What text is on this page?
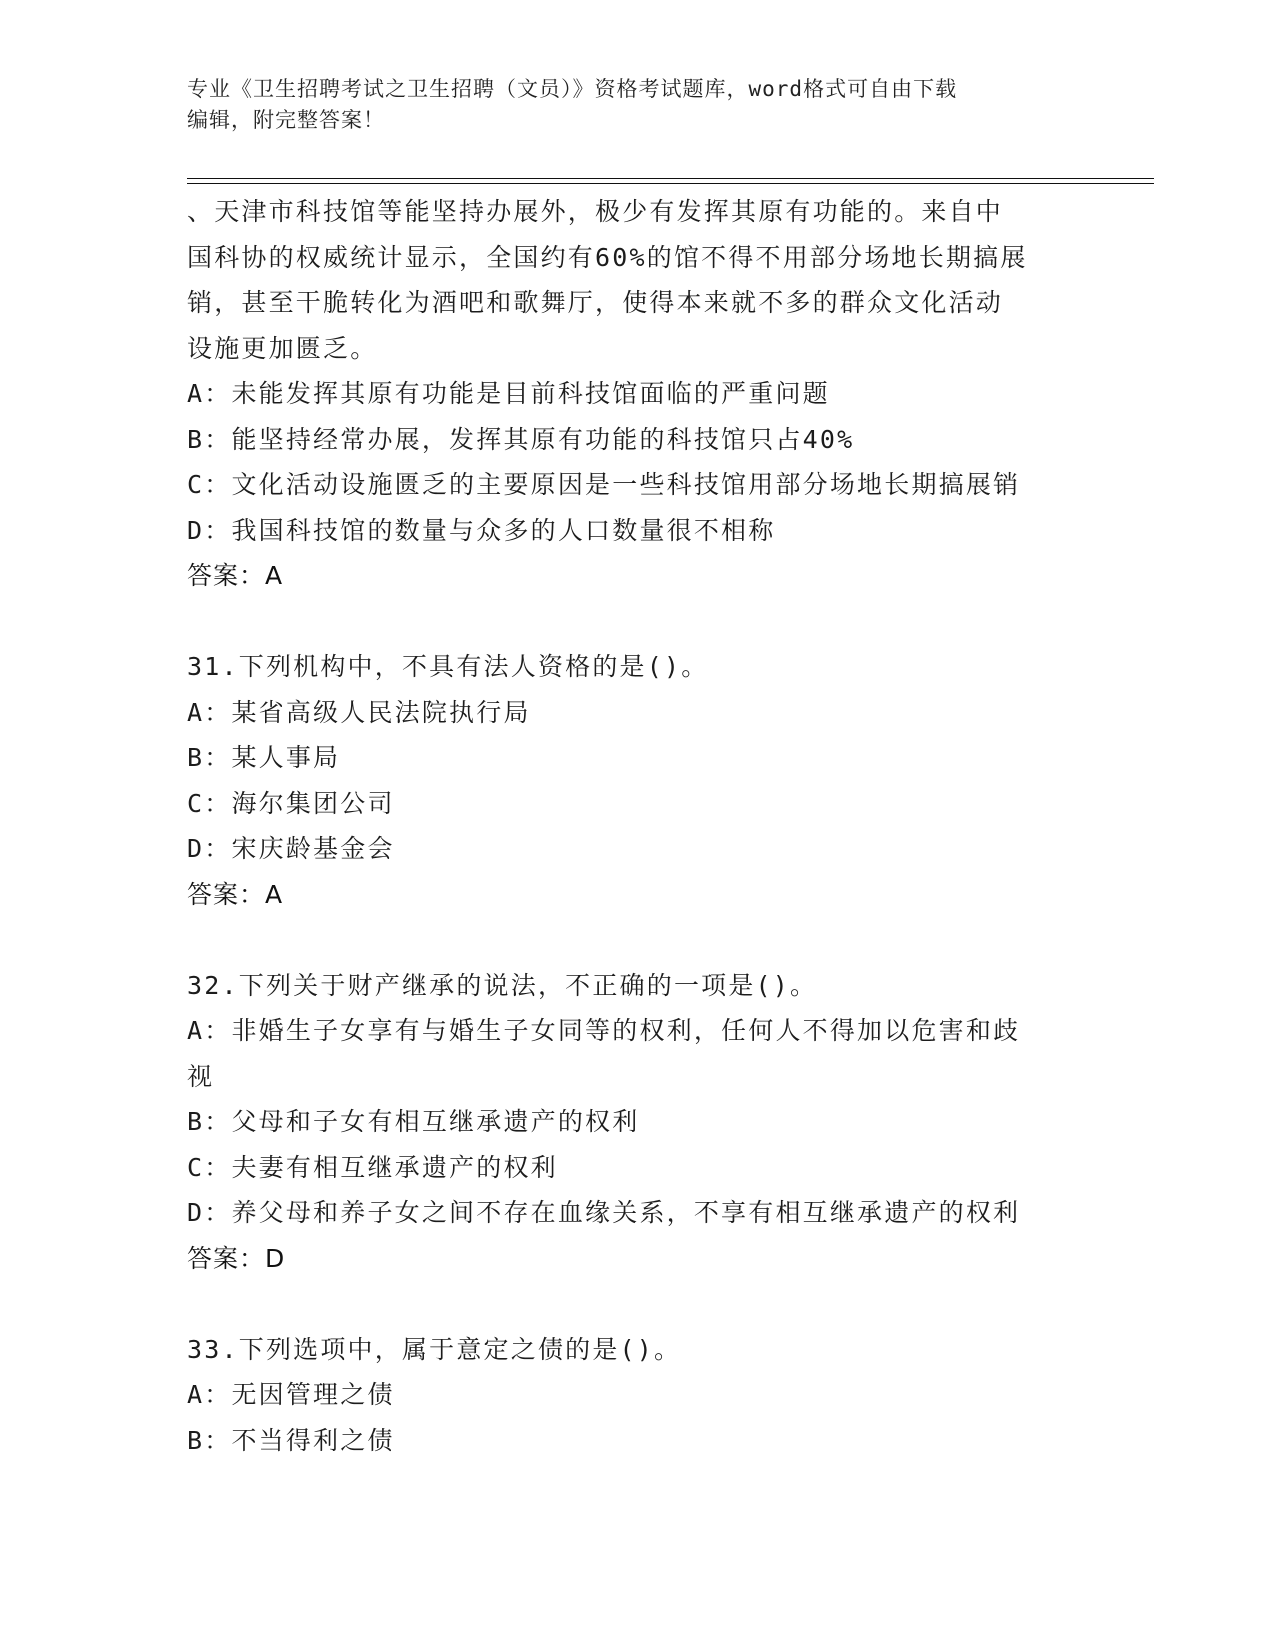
专业《卫生招聘考试之卫生招聘（文员）》资格考试题库，word格式可自由下载
编辑，附完整答案！

、天津市科技馆等能坚持办展外，极少有发挥其原有功能的。来自中

国科协的权威统计显示，全国约有60%的馆不得不用部分场地长期搞展

销，甚至干脆转化为酒吧和歌舞厅，使得本来就不多的群众文化活动

设施更加匮乏。

A：未能发挥其原有功能是目前科技馆面临的严重问题

B：能坚持经常办展，发挥其原有功能的科技馆只占40%

C：文化活动设施匮乏的主要原因是一些科技馆用部分场地长期搞展销

D：我国科技馆的数量与众多的人口数量很不相称

答案：A

31.下列机构中，不具有法人资格的是()。

A：某省高级人民法院执行局

B：某人事局

C：海尔集团公司

D：宋庆龄基金会

答案：A

32.下列关于财产继承的说法，不正确的一项是()。

A：非婚生子女享有与婚生子女同等的权利，任何人不得加以危害和歧

视

B：父母和子女有相互继承遗产的权利

C：夫妻有相互继承遗产的权利

D：养父母和养子女之间不存在血缘关系，不享有相互继承遗产的权利

答案：D

33.下列选项中，属于意定之债的是()。

A：无因管理之债

B：不当得利之债
